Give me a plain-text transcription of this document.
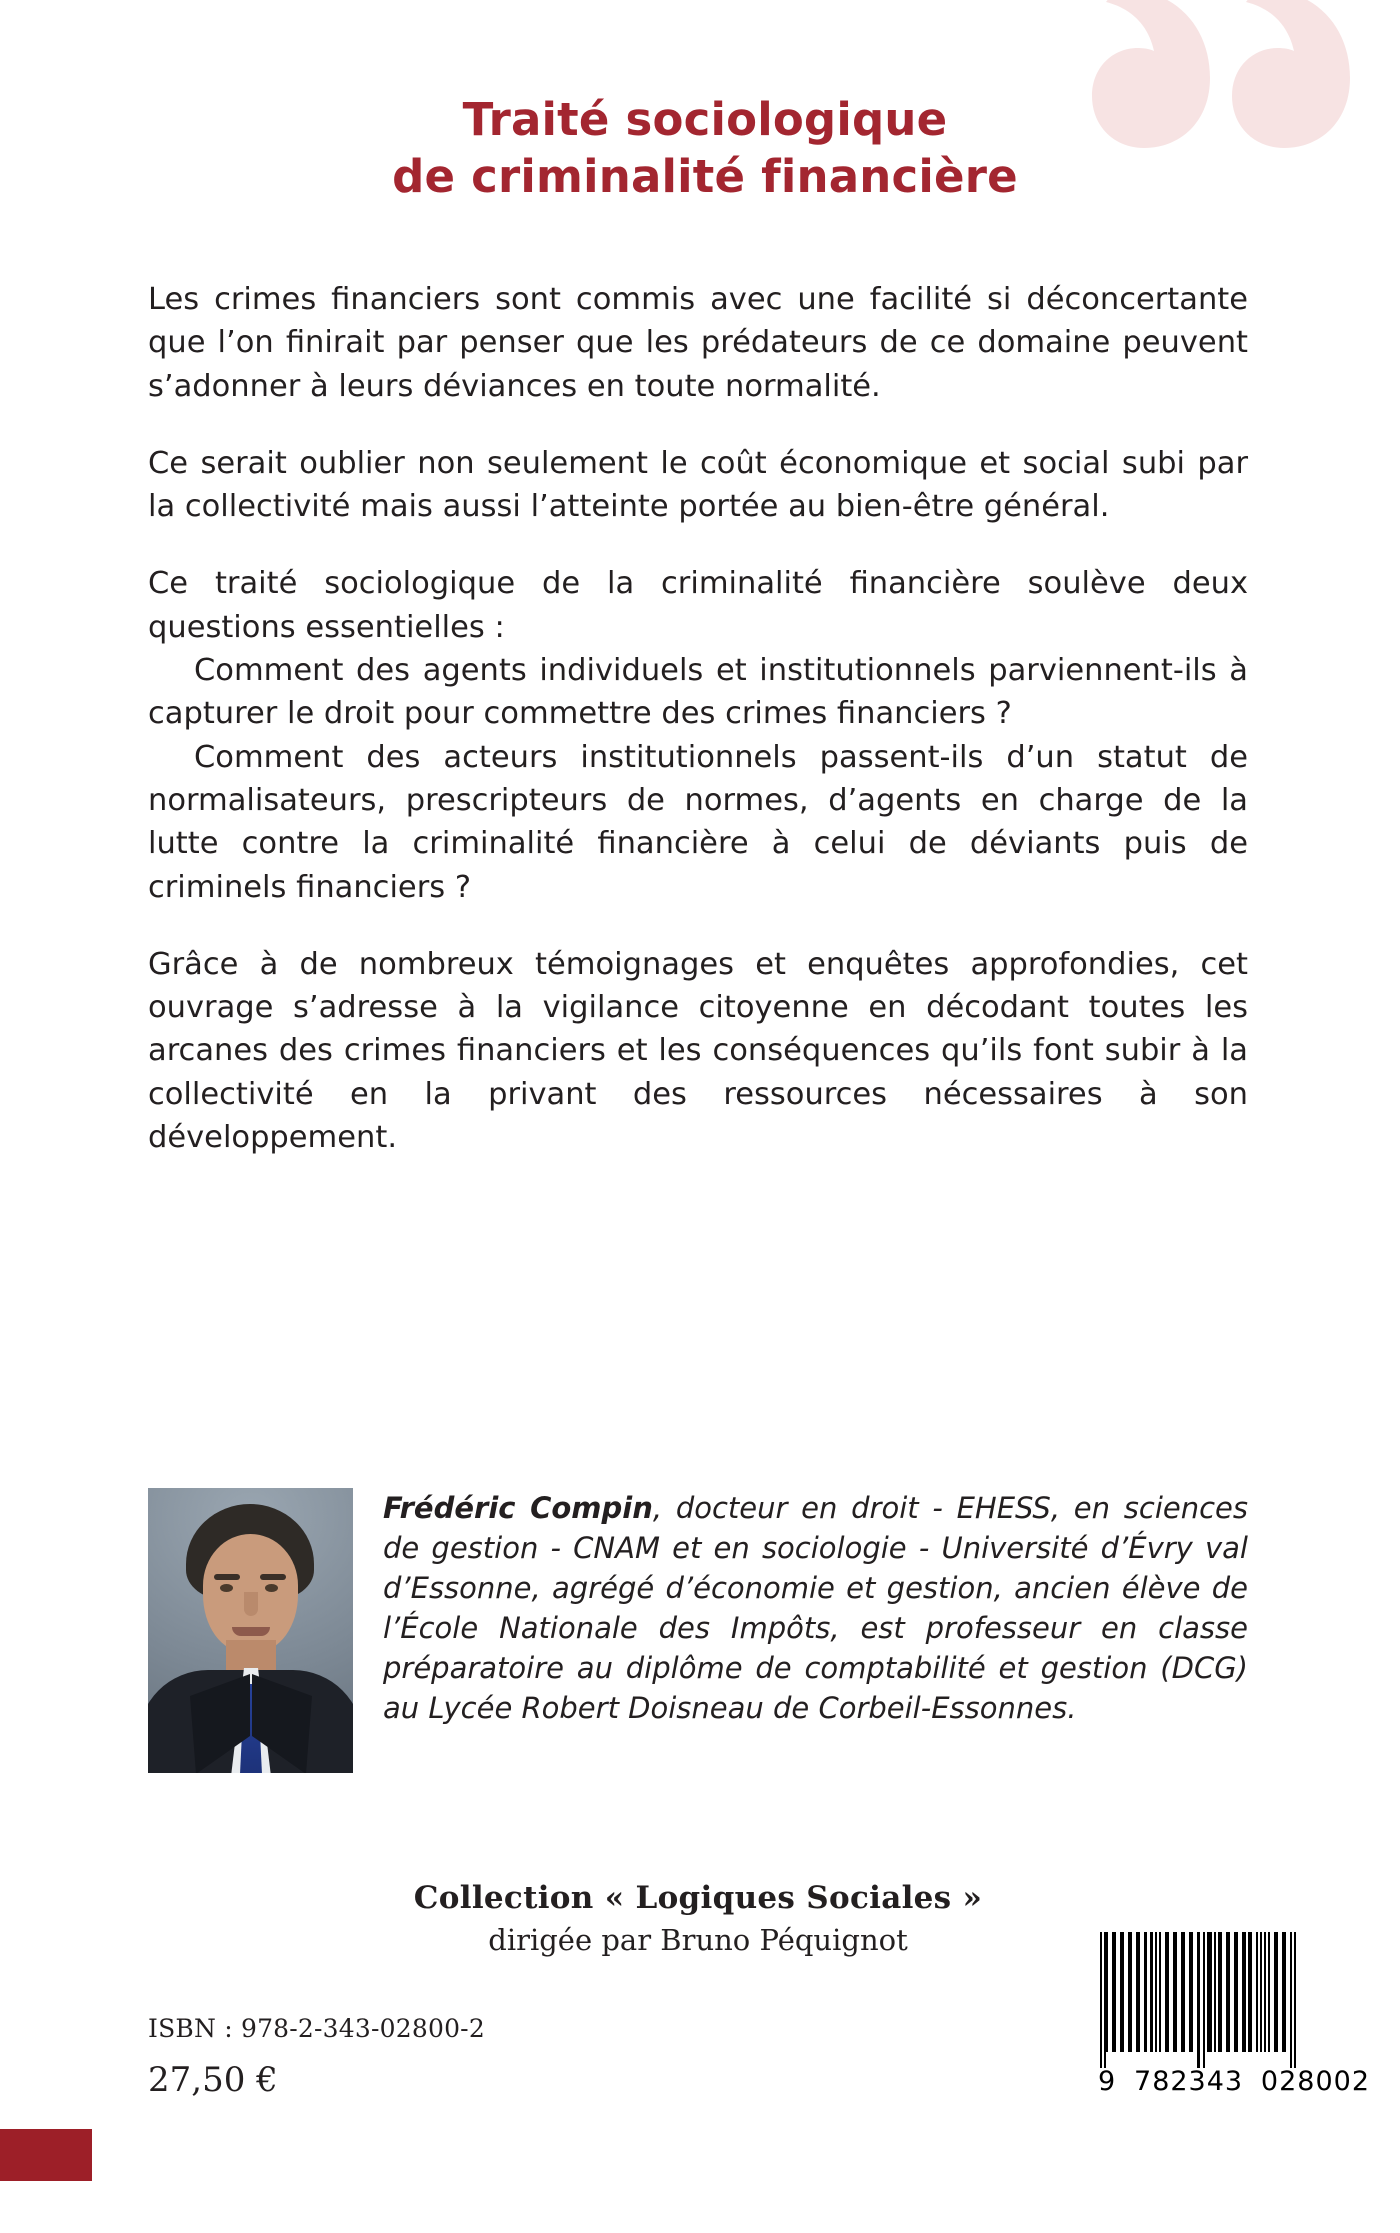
Traité sociologique
de criminalité financière

Les crimes financiers sont commis avec une facilité si déconcertante que l’on finirait par penser que les prédateurs de ce domaine peuvent s’adonner à leurs déviances en toute normalité.

Ce serait oublier non seulement le coût économique et social subi par la collectivité mais aussi l’atteinte portée au bien-être général.

Ce traité sociologique de la criminalité financière soulève deux questions essentielles :

Comment des agents individuels et institutionnels parviennent-ils à capturer le droit pour commettre des crimes financiers ?

Comment des acteurs institutionnels passent-ils d’un statut de normalisateurs, prescripteurs de normes, d’agents en charge de la lutte contre la criminalité financière à celui de déviants puis de criminels financiers ?

Grâce à de nombreux témoignages et enquêtes approfondies, cet ouvrage s’adresse à la vigilance citoyenne en décodant toutes les arcanes des crimes financiers et les conséquences qu’ils font subir à la collectivité en la privant des ressources nécessaires à son développement.

Frédéric Compin, docteur en droit - EHESS, en sciences de gestion - CNAM et en sociologie - Université d’Évry val d’Essonne, agrégé d’économie et gestion, ancien élève de l’École Nationale des Impôts, est professeur en classe préparatoire au diplôme de comptabilité et gestion (DCG) au Lycée Robert Doisneau de Corbeil-Essonnes.
Collection « Logiques Sociales »
dirigée par Bruno Péquignot
ISBN : 978-2-343-02800-2
27,50 €	9 782343 028002
